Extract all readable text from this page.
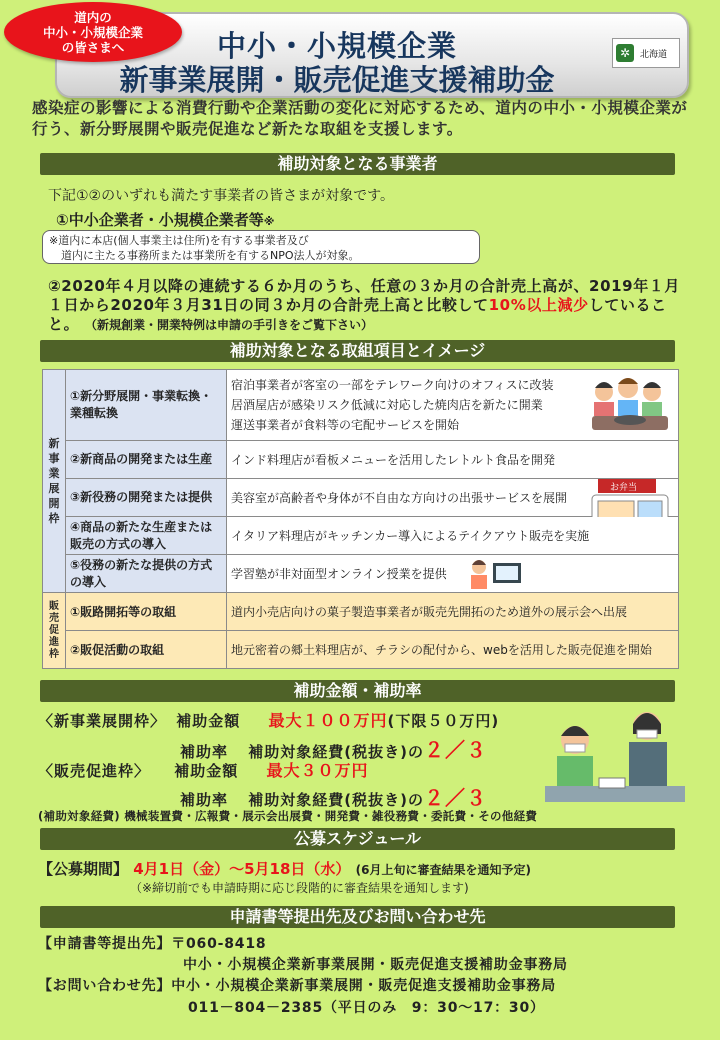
中小・小規模企業
新事業展開・販売促進支援補助金
道内の
中小・小規模企業
の皆さまへ	✲	北海道
感染症の影響による消費行動や企業活動の変化に対応するため、道内の中小・小規模企業が行う、新分野展開や販売促進など新たな取組を支援します。
補助対象となる事業者
下記①②のいずれも満たす事業者の皆さまが対象です。
①中小企業者・小規模企業者等※
※道内に本店(個人事業主は住所)を有する事業者及び
道内に主たる事務所または事業所を有するNPO法人が対象。
②2020年４月以降の連続する６か月のうち、任意の３か月の合計売上高が、2019年１月１日から2020年３月31日の同３か月の合計売上高と比較して10%以上減少していること。 （新規創業・開業特例は申請の手引きをご覧下さい）
補助対象となる取組項目とイメージ
新事業展開枠	①新分野展開・事業転換・業種転換	宿泊事業者が客室の一部をテレワーク向けのオフィスに改装
居酒屋店が感染リスク低減に対応した焼肉店を新たに開業
運送事業者が食料等の宅配サービスを開始

	②新商品の開発または生産	インド料理店が看板メニューを活用したレトルト食品を開発
	③新役務の開発または提供	美容室が高齢者や身体が不自由な方向けの出張サービスを展開
お弁当

	④商品の新たな生産または販売の方式の導入	イタリア料理店がキッチンカー導入によるテイクアウト販売を実施
	⑤役務の新たな提供の方式の導入	学習塾が非対面型オンライン授業を提供

販売促進枠	①販路開拓等の取組	道内小売店向けの菓子製造事業者が販売先開拓のため道外の展示会へ出展
	②販促活動の取組	地元密着の郷土料理店が、チラシの配付から、webを活用した販売促進を開始
補助金額・補助率
〈新事業展開枠〉 補助金額 最大１００万円(下限５０万円)
補助率 補助対象経費(税抜き)の２／３
〈販売促進枠〉 補助金額 最大３０万円
補助率 補助対象経費(税抜き)の２／３
(補助対象経費) 機械装置費・広報費・展示会出展費・開発費・雑役務費・委託費・その他経費
公募スケジュール
【公募期間】 4月1日（金）～5月18日（水） (6月上旬に審査結果を通知予定)
（※締切前でも申請時期に応じ段階的に審査結果を通知します)
申請書等提出先及びお問い合わせ先
【申請書等提出先】〒060-8418
中小・小規模企業新事業展開・販売促進支援補助金事務局
【お問い合わせ先】中小・小規模企業新事業展開・販売促進支援補助金事務局
011－804－2385（平日のみ　9：30～17：30）
